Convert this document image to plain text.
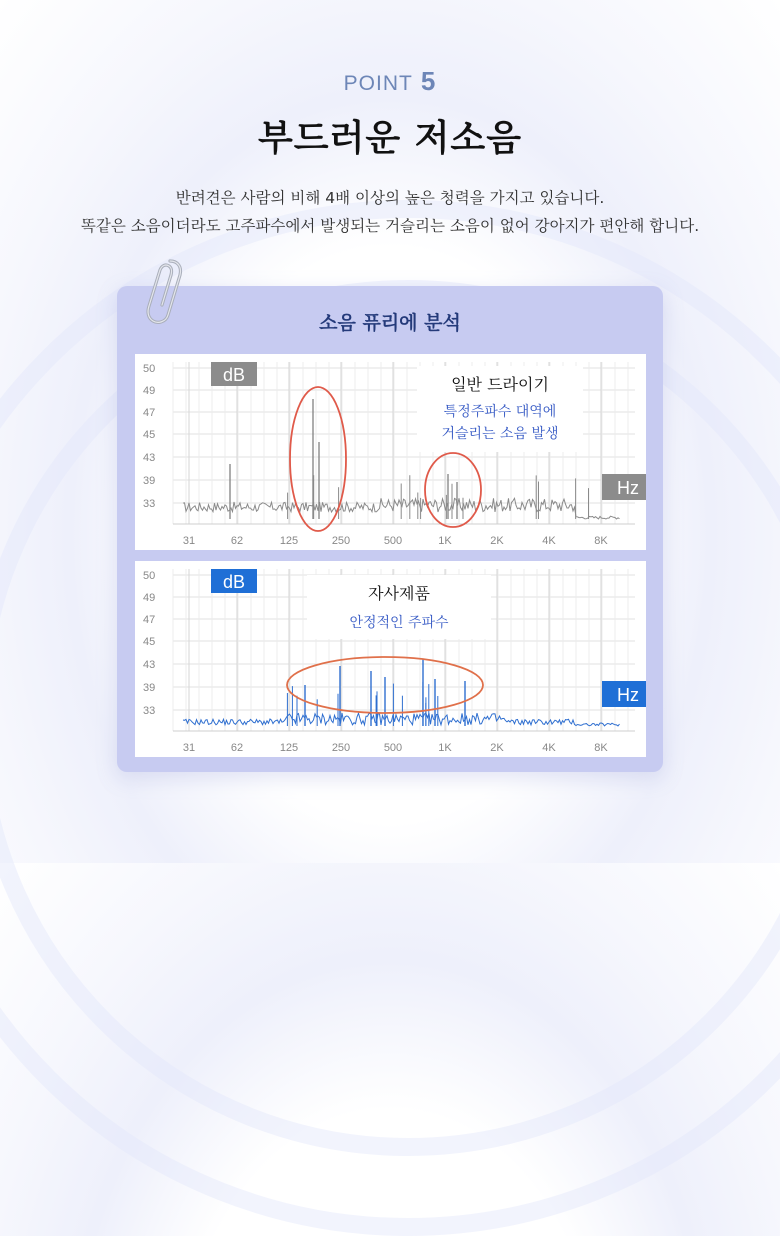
POINT 5
부드러운 저소음
반려견은 사람의 비해 4배 이상의 높은 청력을 가지고 있습니다.
똑같은 소음이더라도 고주파수에서 발생되는 거슬리는 소음이 없어 강아지가 편안해 합니다.
소음 퓨리에 분석
50
49
47
45
43
39
33
31	62	125	250	500	1K	2K	4K	8K
dB
Hz
일반 드라이기
특정주파수 대역에
거슬리는 소음 발생
50
49
47
45
43
39
33
31	62	125	250	500	1K	2K	4K	8K
dB
Hz
자사제품
안정적인 주파수
